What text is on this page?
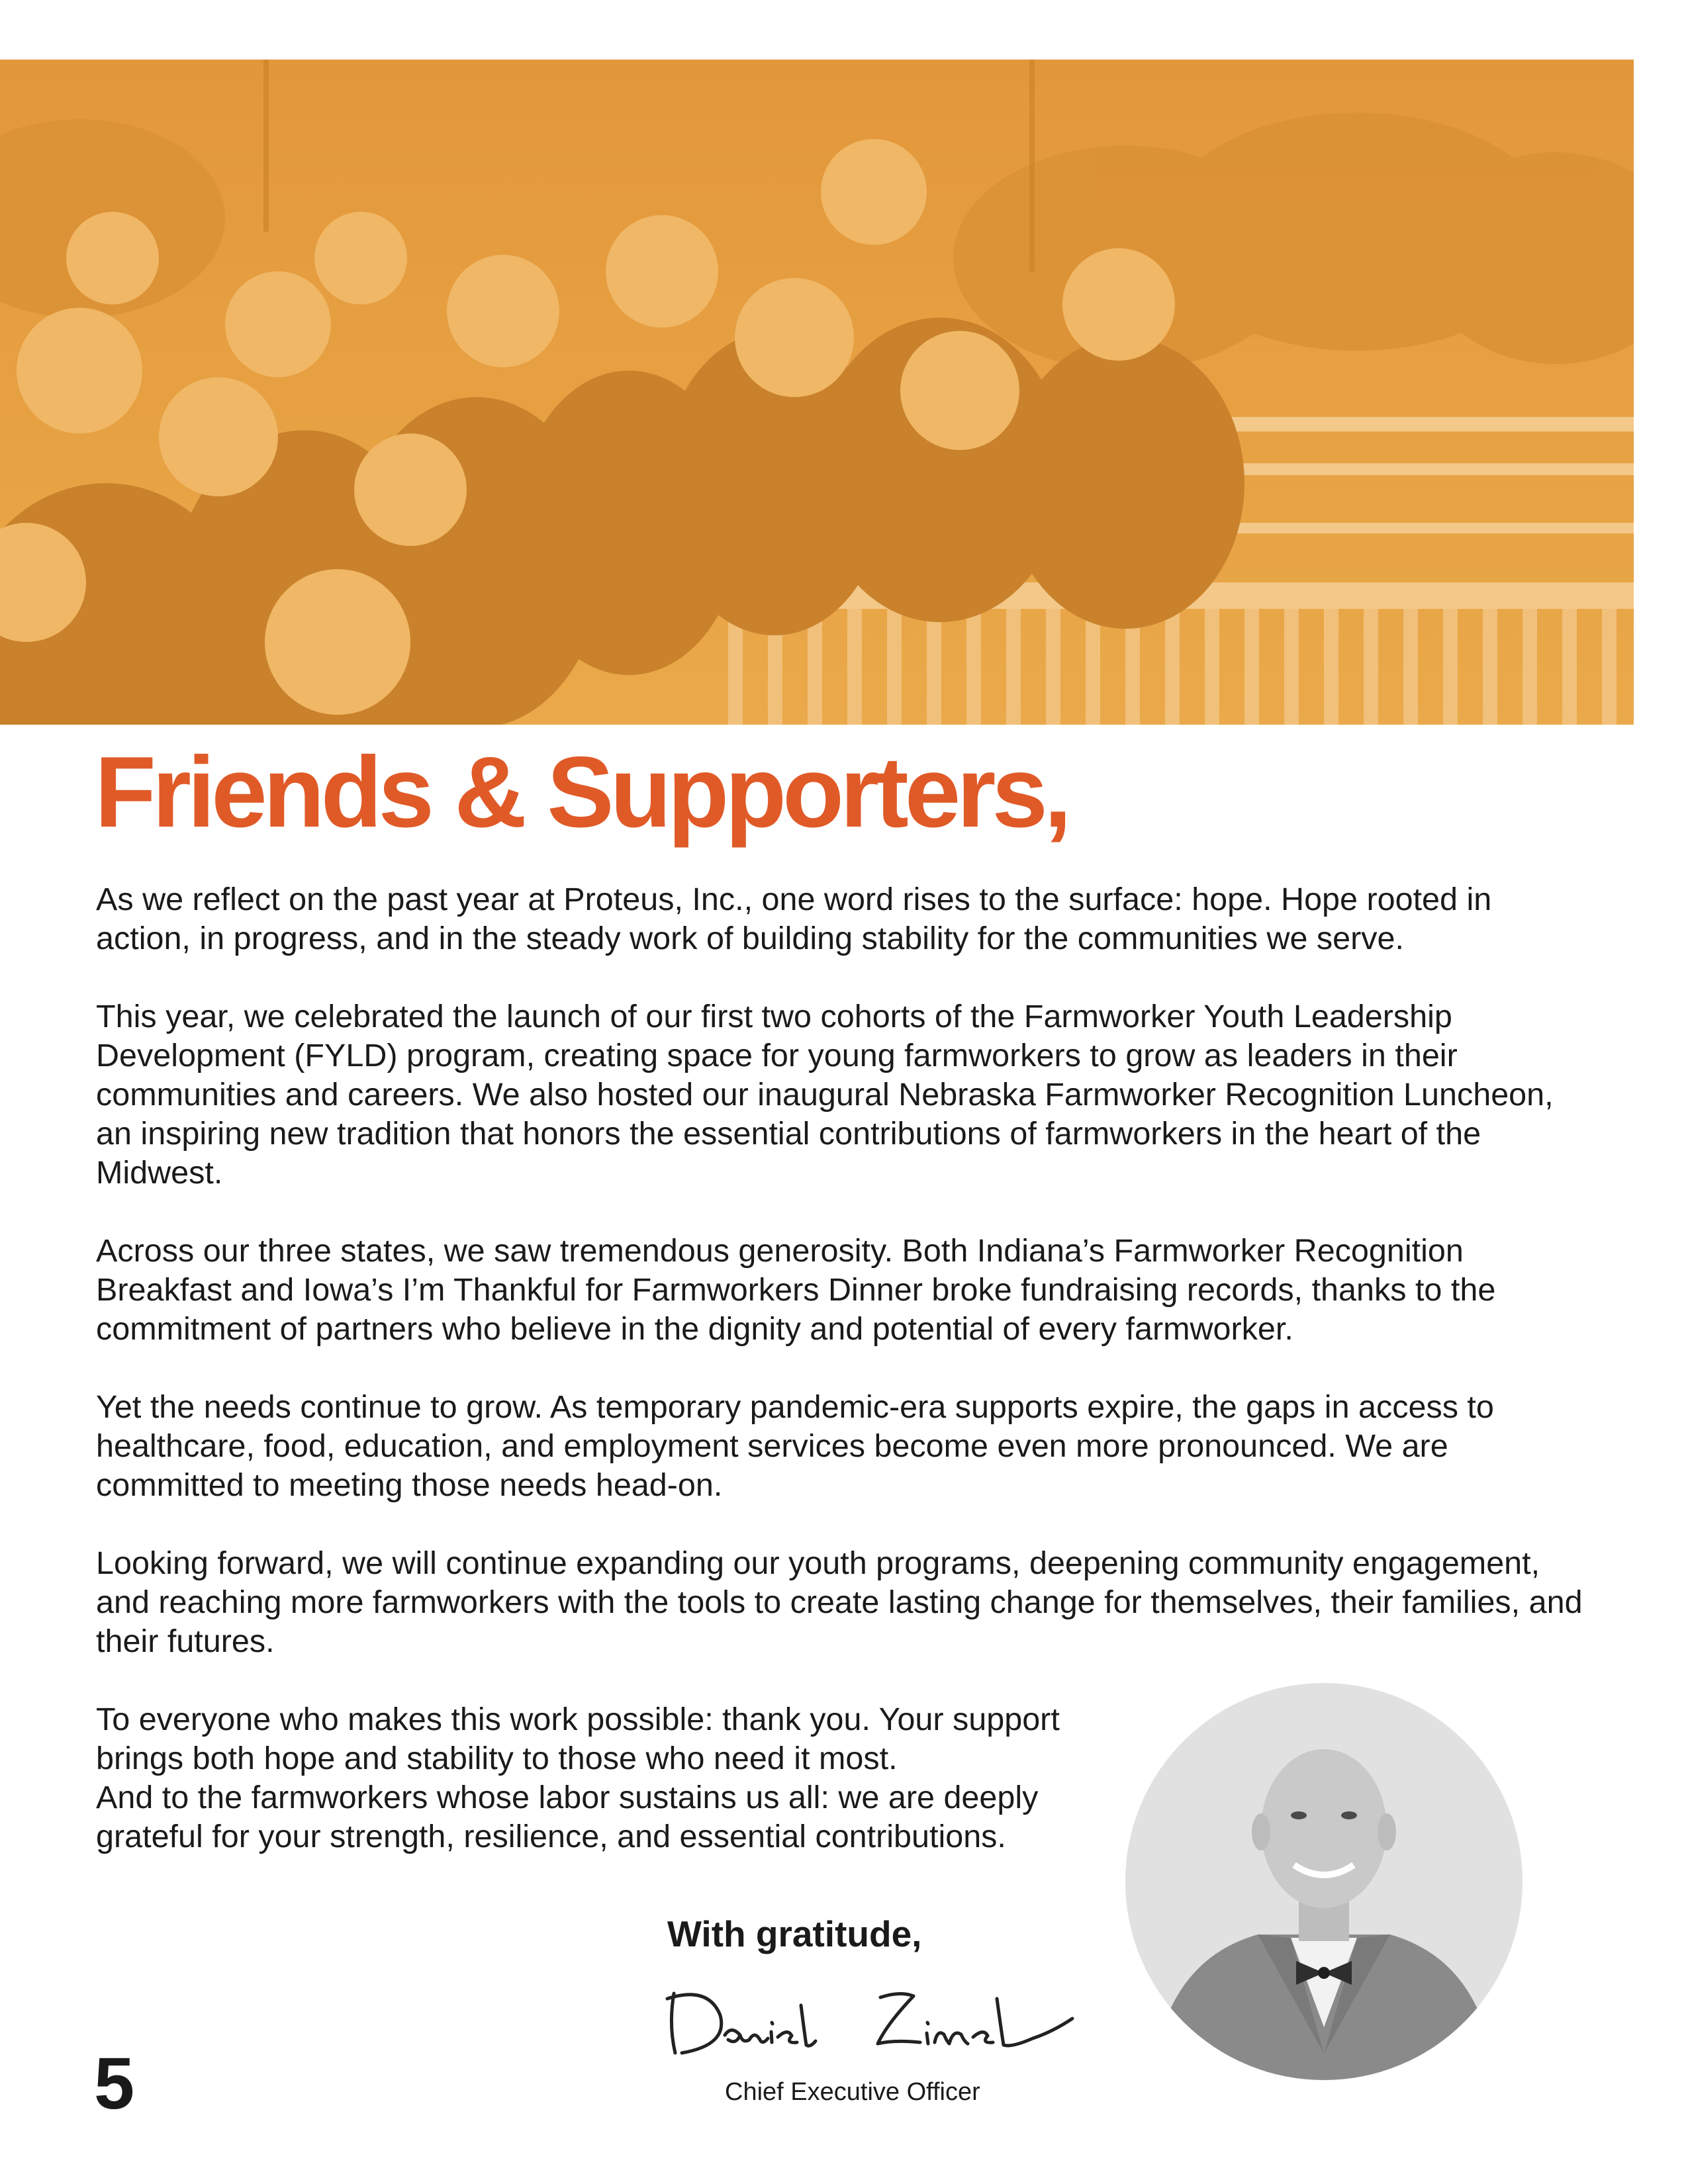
Friends & Supporters,

As we reflect on the past year at Proteus, Inc., one word rises to the surface: hope. Hope rooted in action, in progress, and in the steady work of building stability for the communities we serve.

This year, we celebrated the launch of our first two cohorts of the Farmworker Youth Leadership Development (FYLD) program, creating space for young farmworkers to grow as leaders in their communities and careers. We also hosted our inaugural Nebraska Farmworker Recognition Luncheon, an inspiring new tradition that honors the essential contributions of farmworkers in the heart of the Midwest.

Across our three states, we saw tremendous generosity. Both Indiana’s Farmworker Recognition Breakfast and Iowa’s I’m Thankful for Farmworkers Dinner broke fundraising records, thanks to the commitment of partners who believe in the dignity and potential of every farmworker.

Yet the needs continue to grow. As temporary pandemic-era supports expire, the gaps in access to healthcare, food, education, and employment services become even more pronounced. We are committed to meeting those needs head-on.

Looking forward, we will continue expanding our youth programs, deepening community engagement, and reaching more farmworkers with the tools to create lasting change for themselves, their families, and their futures.

To everyone who makes this work possible: thank you. Your support brings both hope and stability to those who need it most.

And to the farmworkers whose labor sustains us all: we are deeply grateful for your strength, resilience, and essential contributions.

With gratitude,

Chief Executive Officer
5
